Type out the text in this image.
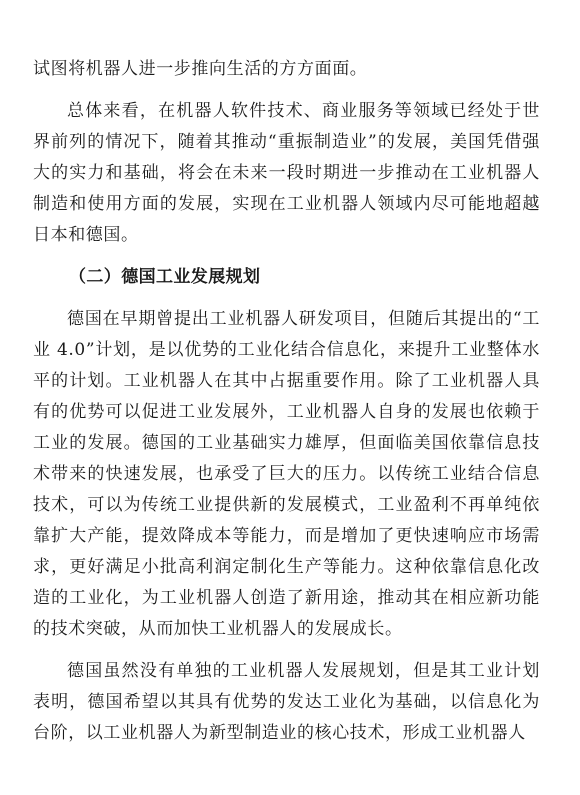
试图将机器人进一步推向生活的方方面面。

总体来看，在机器人软件技术、商业服务等领域已经处于世界前列的情况下，随着其推动“重振制造业”的发展，美国凭借强大的实力和基础，将会在未来一段时期进一步推动在工业机器人制造和使用方面的发展，实现在工业机器人领域内尽可能地超越日本和德国。

（二）德国工业发展规划

德国在早期曾提出工业机器人研发项目，但随后其提出的“工业 4.0”计划，是以优势的工业化结合信息化，来提升工业整体水平的计划。工业机器人在其中占据重要作用。除了工业机器人具有的优势可以促进工业发展外，工业机器人自身的发展也依赖于工业的发展。德国的工业基础实力雄厚，但面临美国依靠信息技术带来的快速发展，也承受了巨大的压力。以传统工业结合信息技术，可以为传统工业提供新的发展模式，工业盈利不再单纯依靠扩大产能，提效降成本等能力，而是增加了更快速响应市场需求，更好满足小批高利润定制化生产等能力。这种依靠信息化改造的工业化，为工业机器人创造了新用途，推动其在相应新功能的技术突破，从而加快工业机器人的发展成长。

德国虽然没有单独的工业机器人发展规划，但是其工业计划表明，德国希望以其具有优势的发达工业化为基础，以信息化为台阶，以工业机器人为新型制造业的核心技术，形成工业机器人
